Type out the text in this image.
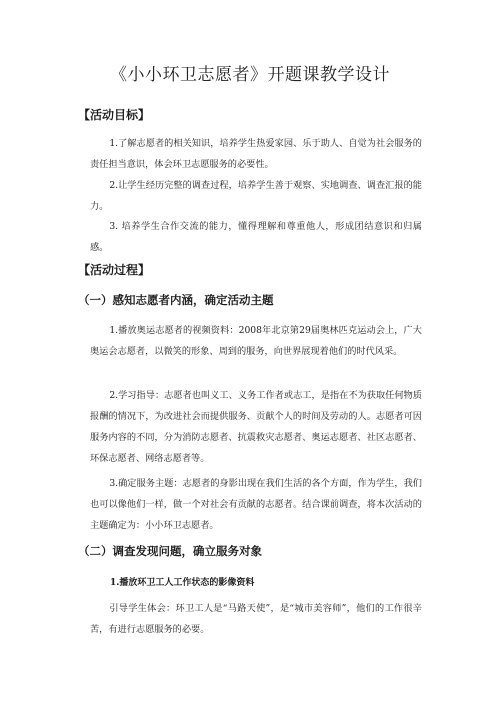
《小小环卫志愿者》开题课教学设计
【活动目标】

1.了解志愿者的相关知识，培养学生热爱家园、乐于助人、自觉为社会服务的责任担当意识，体会环卫志愿服务的必要性。

2.让学生经历完整的调查过程，培养学生善于观察、实地调查、调查汇报的能力。

3. 培养学生合作交流的能力，懂得理解和尊重他人，形成团结意识和归属感。

【活动过程】
（一）感知志愿者内涵，确定活动主题

1.播放奥运志愿者的视频资料：2008年北京第29届奥林匹克运动会上，广大奥运会志愿者，以微笑的形象、周到的服务，向世界展现着他们的时代风采。

2.学习指导：志愿者也叫义工、义务工作者或志工，是指在不为获取任何物质报酬的情况下，为改进社会而提供服务、贡献个人的时间及劳动的人。志愿者可因服务内容的不同，分为消防志愿者、抗震救灾志愿者、奥运志愿者、社区志愿者、环保志愿者、网络志愿者等。

3.确定服务主题：志愿者的身影出现在我们生活的各个方面，作为学生，我们也可以像他们一样，做一个对社会有贡献的志愿者。结合课前调查，将本次活动的主题确定为：小小环卫志愿者。

（二）调查发现问题，确立服务对象
1.播放环卫工人工作状态的影像资料

引导学生体会：环卫工人是“马路天使”，是“城市美容师”，他们的工作很辛苦，有进行志愿服务的必要。
